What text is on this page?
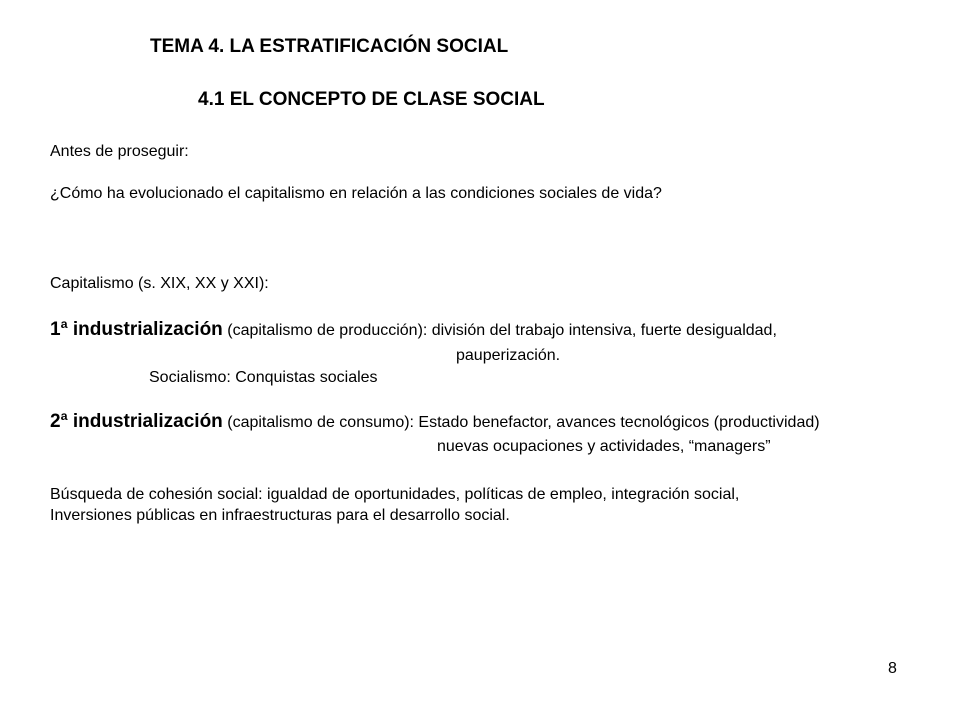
TEMA 4. LA ESTRATIFICACIÓN SOCIAL
4.1 EL CONCEPTO DE CLASE SOCIAL
Antes de proseguir:
¿Cómo ha evolucionado el capitalismo en relación a las condiciones sociales de vida?
Capitalismo (s. XIX, XX y XXI):
1ª industrialización (capitalismo de producción): división del trabajo intensiva, fuerte desigualdad,
pauperización.
Socialismo: Conquistas sociales
2ª industrialización (capitalismo de consumo): Estado benefactor, avances tecnológicos (productividad)
nuevas ocupaciones y actividades, “managers”
Búsqueda de cohesión social: igualdad de oportunidades, políticas de empleo, integración social,
Inversiones públicas en infraestructuras para el desarrollo social.
8
